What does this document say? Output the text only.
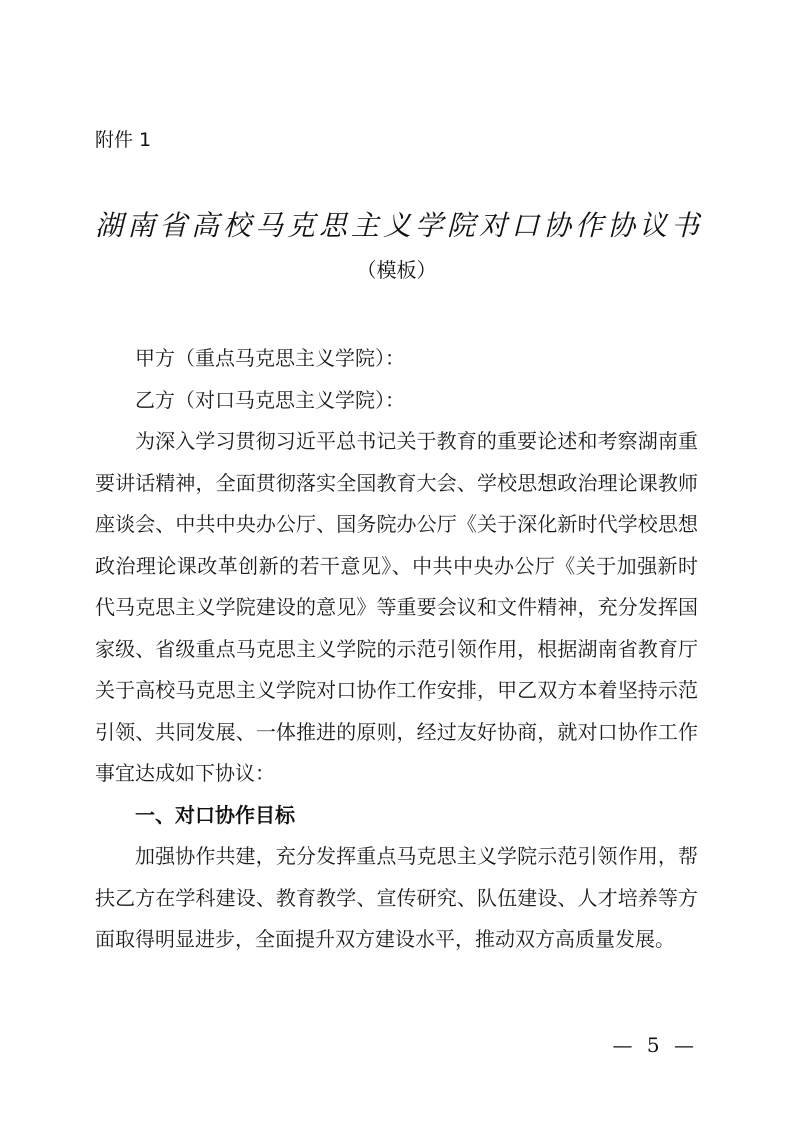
附件 1
湖南省高校马克思主义学院对口协作协议书
（模板）

甲方（重点马克思主义学院）：

乙方（对口马克思主义学院）：

为深入学习贯彻习近平总书记关于教育的重要论述和考察湖南重要讲话精神，全面贯彻落实全国教育大会、学校思想政治理论课教师座谈会、中共中央办公厅、国务院办公厅《关于深化新时代学校思想政治理论课改革创新的若干意见》、中共中央办公厅《关于加强新时代马克思主义学院建设的意见》等重要会议和文件精神，充分发挥国家级、省级重点马克思主义学院的示范引领作用，根据湖南省教育厅关于高校马克思主义学院对口协作工作安排，甲乙双方本着坚持示范引领、共同发展、一体推进的原则，经过友好协商，就对口协作工作事宜达成如下协议：

一、对口协作目标

加强协作共建，充分发挥重点马克思主义学院示范引领作用，帮扶乙方在学科建设、教育教学、宣传研究、队伍建设、人才培养等方面取得明显进步，全面提升双方建设水平，推动双方高质量发展。

— 5 —
